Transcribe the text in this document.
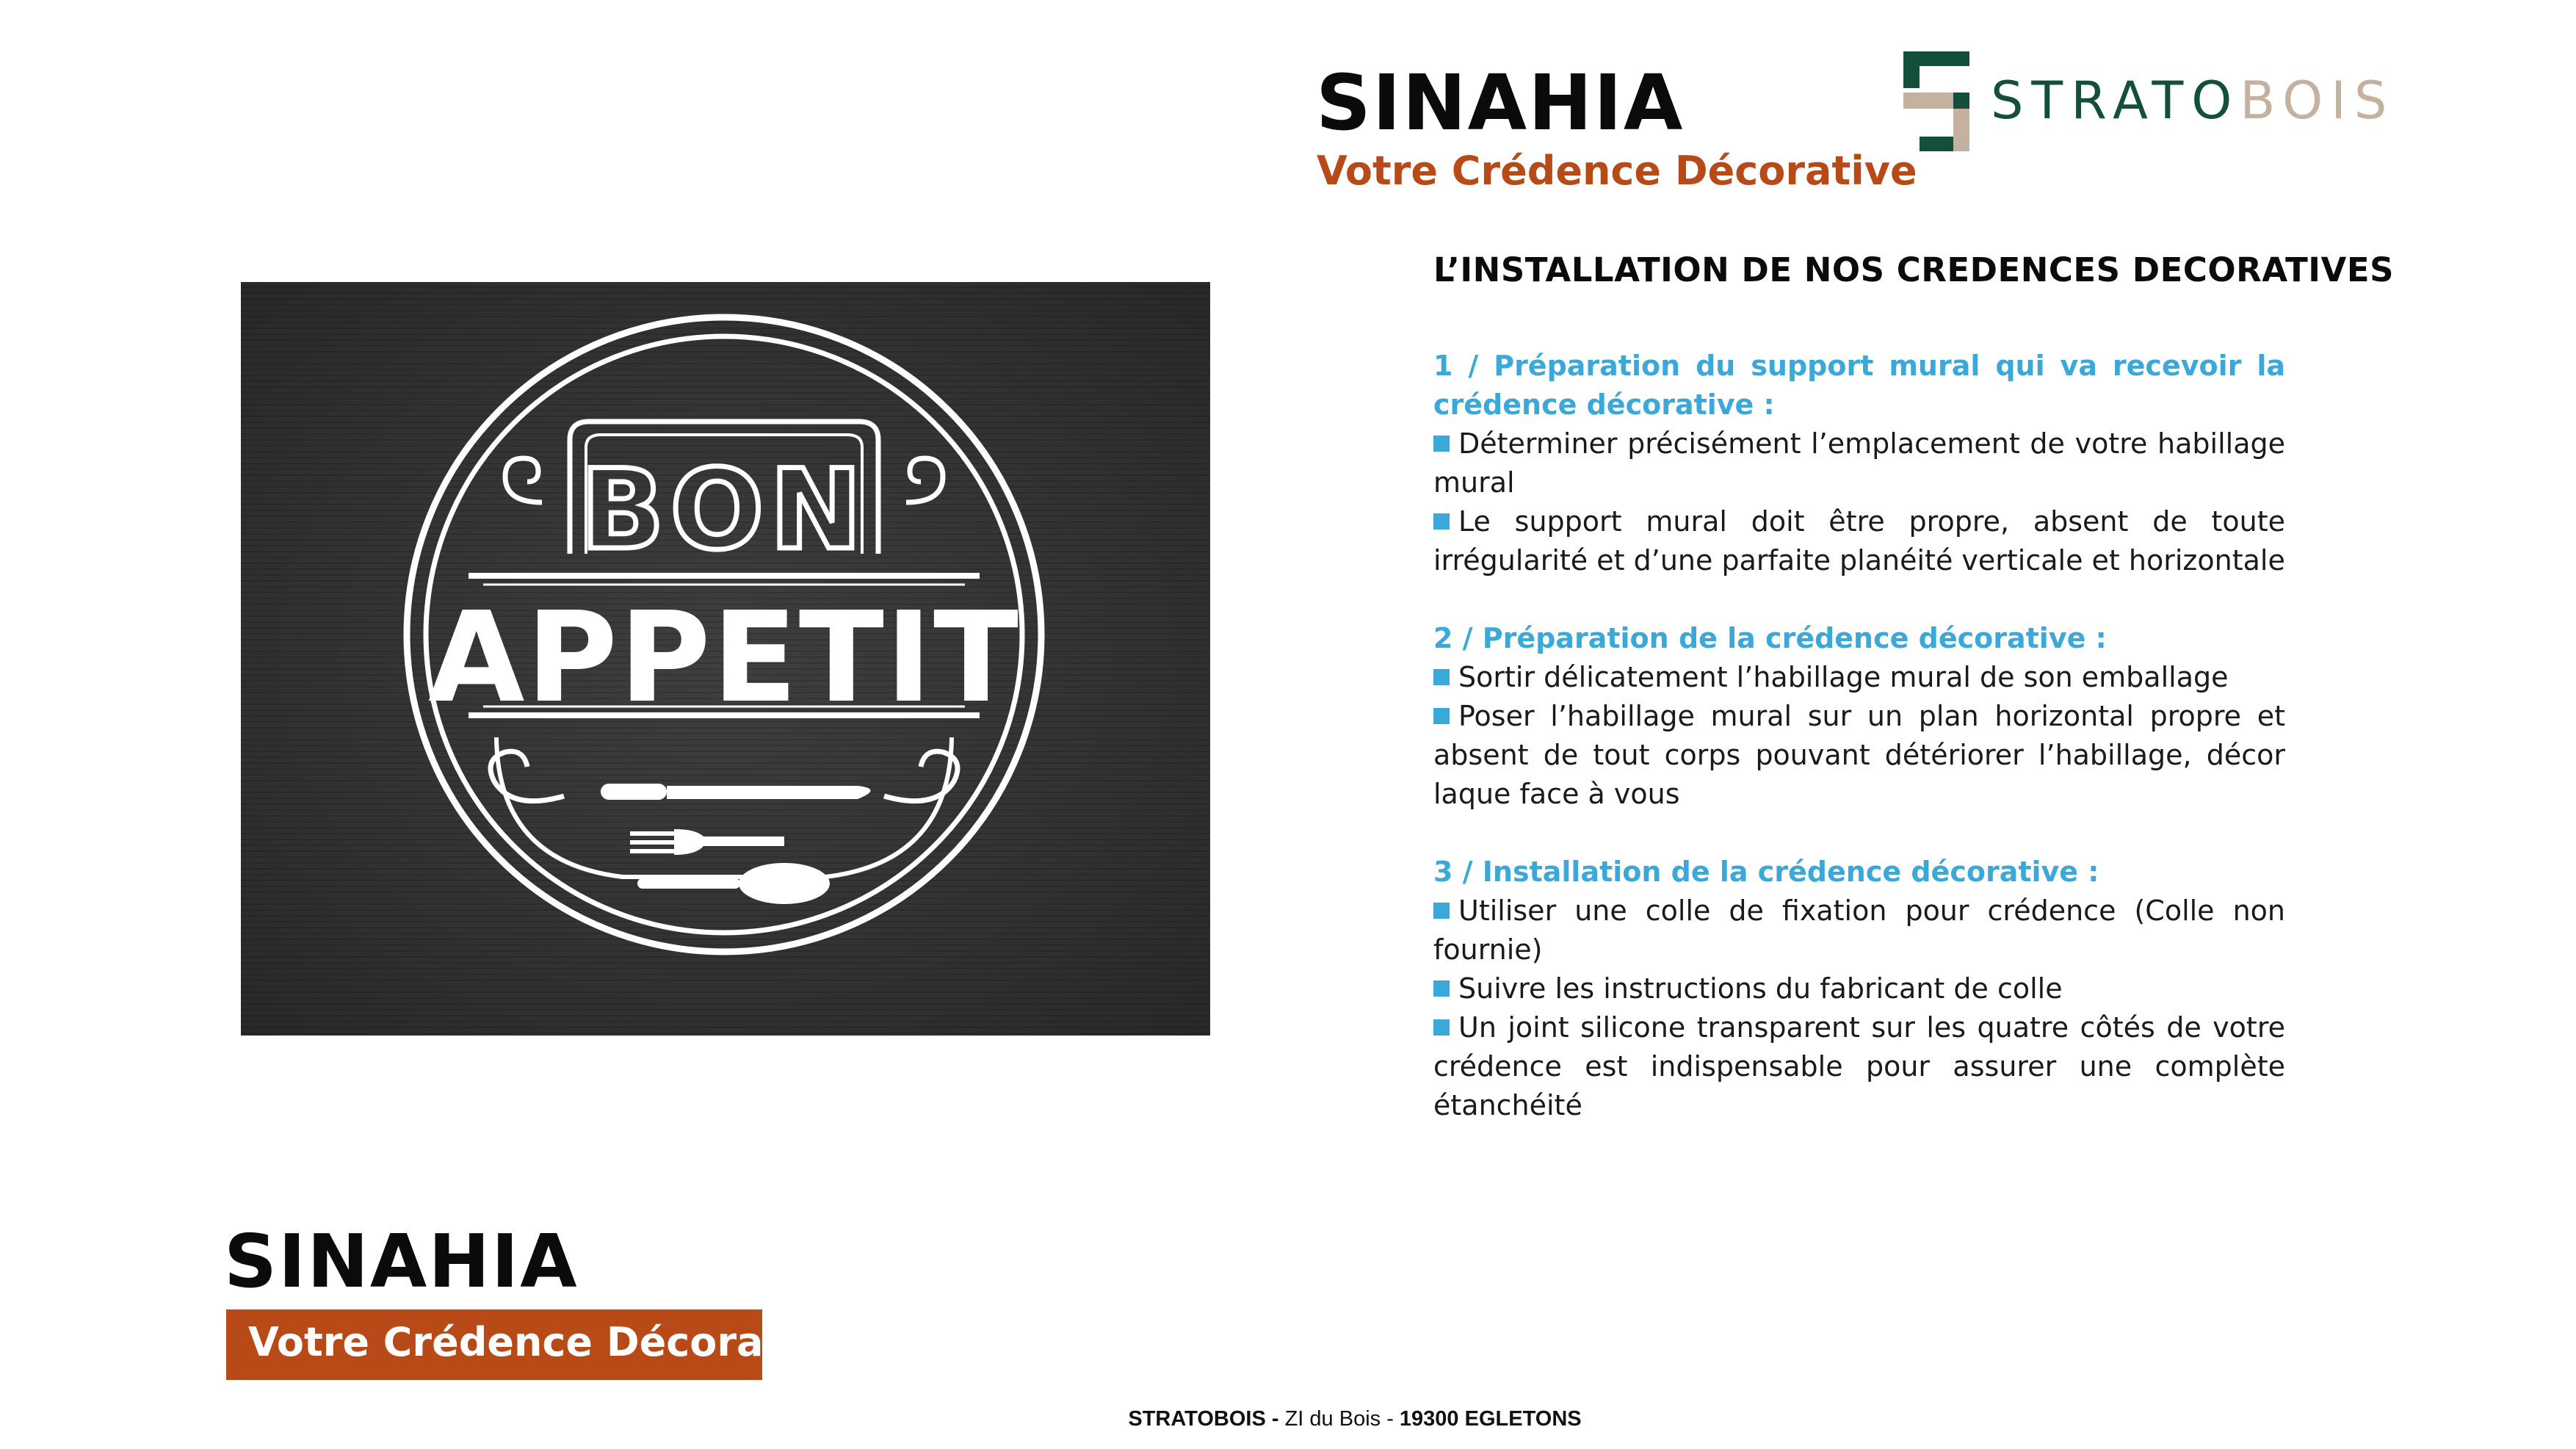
SINAHIA
Votre Crédence Décorative
STRATOBOIS
BON
APPETIT
L’INSTALLATION DE NOS CREDENCES DECORATIVES
1 / Préparation du support mural qui va recevoir la crédence décorative :
Déterminer précisément l’emplacement de votre habillage mural
Le support mural doit être propre, absent de toute irrégularité et d’une parfaite planéité verticale et horizontale
2 / Préparation de la crédence décorative :
Sortir délicatement l’habillage mural de son emballage
Poser l’habillage mural sur un plan horizontal propre et absent de tout corps pouvant détériorer l’habillage, décor laque face à vous
3 / Installation de la crédence décorative :
Utiliser une colle de fixation pour crédence (Colle non fournie)
Suivre les instructions du fabricant de colle
Un joint silicone transparent sur les quatre côtés de votre crédence est indispensable pour assurer une complète étanchéité
SINAHIA
Votre Crédence Décorative
STRATOBOIS - ZI du Bois - 19300 EGLETONS
